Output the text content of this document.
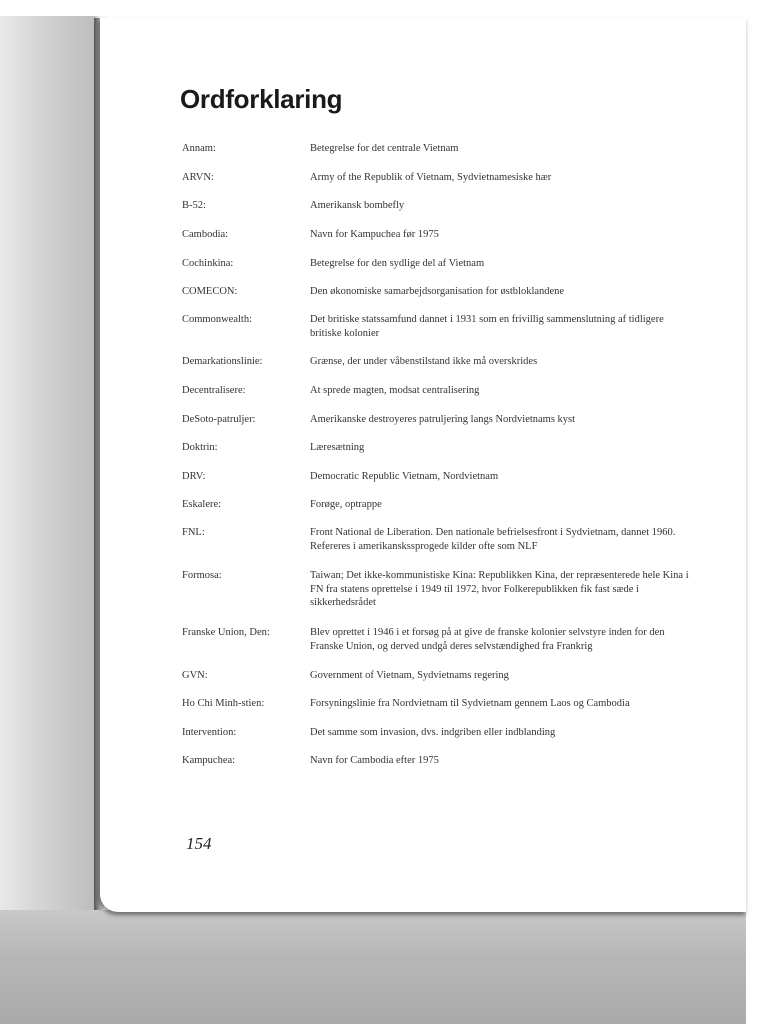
Ordforklaring
Annam:	Betegrelse for det centrale Vietnam
ARVN:	Army of the Republik of Vietnam, Sydvietnamesiske hær
B-52:	Amerikansk bombefly
Cambodia:	Navn for Kampuchea før 1975
Cochinkina:	Betegrelse for den sydlige del af Vietnam
COMECON:	Den økonomiske samarbejdsorganisation for østbloklandene
Commonwealth:	Det britiske statssamfund dannet i 1931 som en frivillig sammenslutning af tidligere britiske kolonier
Demarkationslinie:	Grænse, der under våbenstilstand ikke må overskrides
Decentralisere:	At sprede magten, modsat centralisering
DeSoto-patruljer:	Amerikanske destroyeres patruljering langs Nordvietnams kyst
Doktrin:	Læresætning
DRV:	Democratic Republic Vietnam, Nordvietnam
Eskalere:	Forøge, optrappe
FNL:	Front National de Liberation. Den nationale befrielsesfront i Sydvietnam, dannet 1960. Refereres i amerikanskssprogede kilder ofte som NLF
Formosa:	Taiwan; Det ikke-kommunistiske Kina: Republikken Kina, der repræsenterede hele Kina i FN fra statens oprettelse i 1949 til 1972, hvor Folkerepublikken fik fast sæde i sikkerhedsrådet
Franske Union, Den:	Blev oprettet i 1946 i et forsøg på at give de franske kolonier selvstyre inden for den Franske Union, og derved undgå deres selvstændighed fra Frankrig
GVN:	Government of Vietnam, Sydvietnams regering
Ho Chi Minh-stien:	Forsyningslinie fra Nordvietnam til Sydvietnam gennem Laos og Cambodia
Intervention:	Det samme som invasion, dvs. indgriben eller indblanding
Kampuchea:	Navn for Cambodia efter 1975
154
